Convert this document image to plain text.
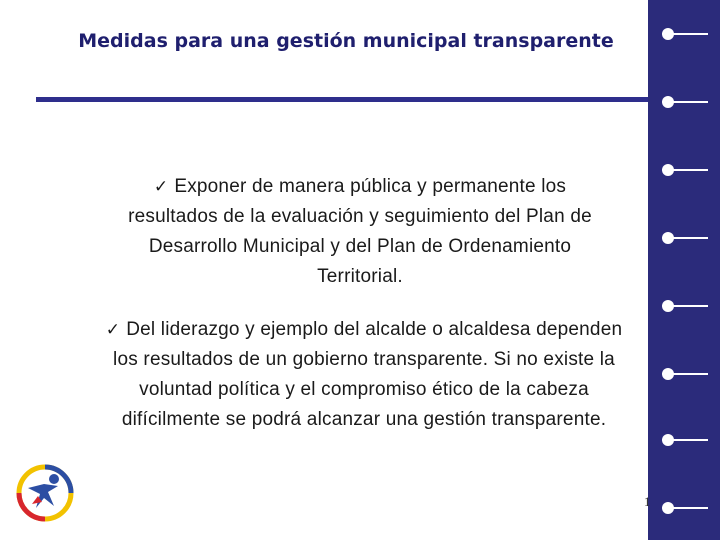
Medidas para una gestión municipal transparente
✓ Exponer de manera pública y permanente los resultados de la evaluación y seguimiento del Plan de Desarrollo Municipal y del Plan de Ordenamiento Territorial.
✓ Del liderazgo y ejemplo del alcalde o alcaldesa dependen los resultados de un gobierno transparente. Si no existe la voluntad política y el compromiso ético de la cabeza difícilmente se podrá alcanzar una gestión transparente.
1
